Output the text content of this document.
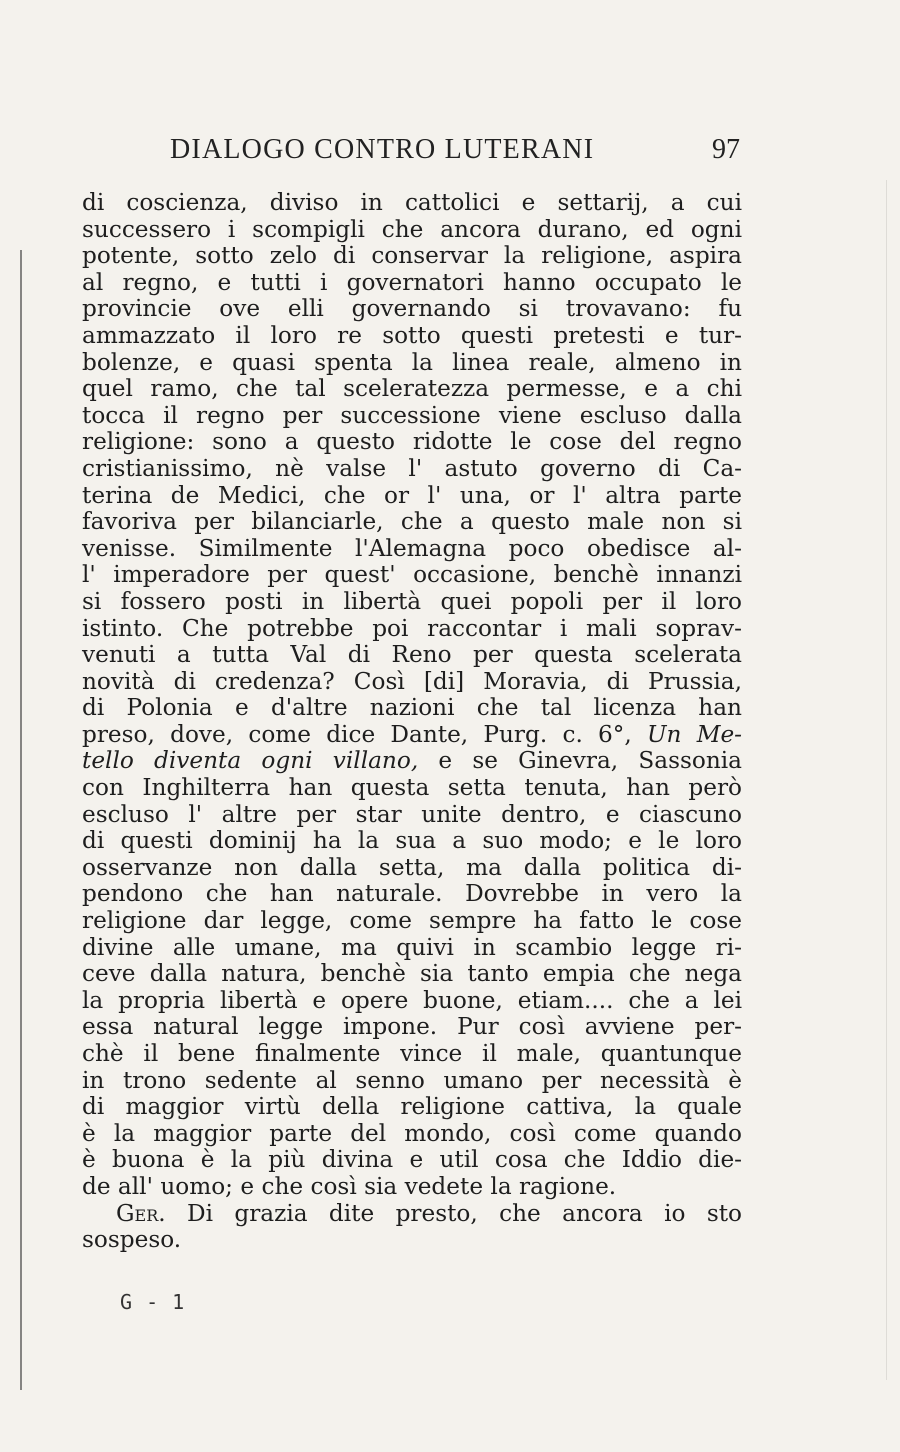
DIALOGO CONTRO LUTERANI	97
di coscienza, diviso in cattolici e settarij, a cui
successero i scompigli che ancora durano, ed ogni
potente, sotto zelo di conservar la religione, aspira
al regno, e tutti i governatori hanno occupato le
provincie ove elli governando si trovavano: fu
ammazzato il loro re sotto questi pretesti e tur-
bolenze, e quasi spenta la linea reale, almeno in
quel ramo, che tal sceleratezza permesse, e a chi
tocca il regno per successione viene escluso dalla
religione: sono a questo ridotte le cose del regno
cristianissimo, nè valse l' astuto governo di Ca-
terina de Medici, che or l' una, or l' altra parte
favoriva per bilanciarle, che a questo male non si
venisse. Similmente l'Alemagna poco obedisce al-
l' imperadore per quest' occasione, benchè innanzi
si fossero posti in libertà quei popoli per il loro
istinto. Che potrebbe poi raccontar i mali soprav-
venuti a tutta Val di Reno per questa scelerata
novità di credenza? Così [di] Moravia, di Prussia,
di Polonia e d'altre nazioni che tal licenza han
preso, dove, come dice Dante, Purg. c. 6°, Un Me-
tello diventa ogni villano, e se Ginevra, Sassonia
con Inghilterra han questa setta tenuta, han però
escluso l' altre per star unite dentro, e ciascuno
di questi dominij ha la sua a suo modo; e le loro
osservanze non dalla setta, ma dalla politica di-
pendono che han naturale. Dovrebbe in vero la
religione dar legge, come sempre ha fatto le cose
divine alle umane, ma quivi in scambio legge ri-
ceve dalla natura, benchè sia tanto empia che nega
la propria libertà e opere buone, etiam.... che a lei
essa natural legge impone. Pur così avviene per-
chè il bene finalmente vince il male, quantunque
in trono sedente al senno umano per necessità è
di maggior virtù della religione cattiva, la quale
è la maggior parte del mondo, così come quando
è buona è la più divina e util cosa che Iddio die-
de all' uomo; e che così sia vedete la ragione.
Ger. Di grazia dite presto, che ancora io sto
sospeso.
G - 1
